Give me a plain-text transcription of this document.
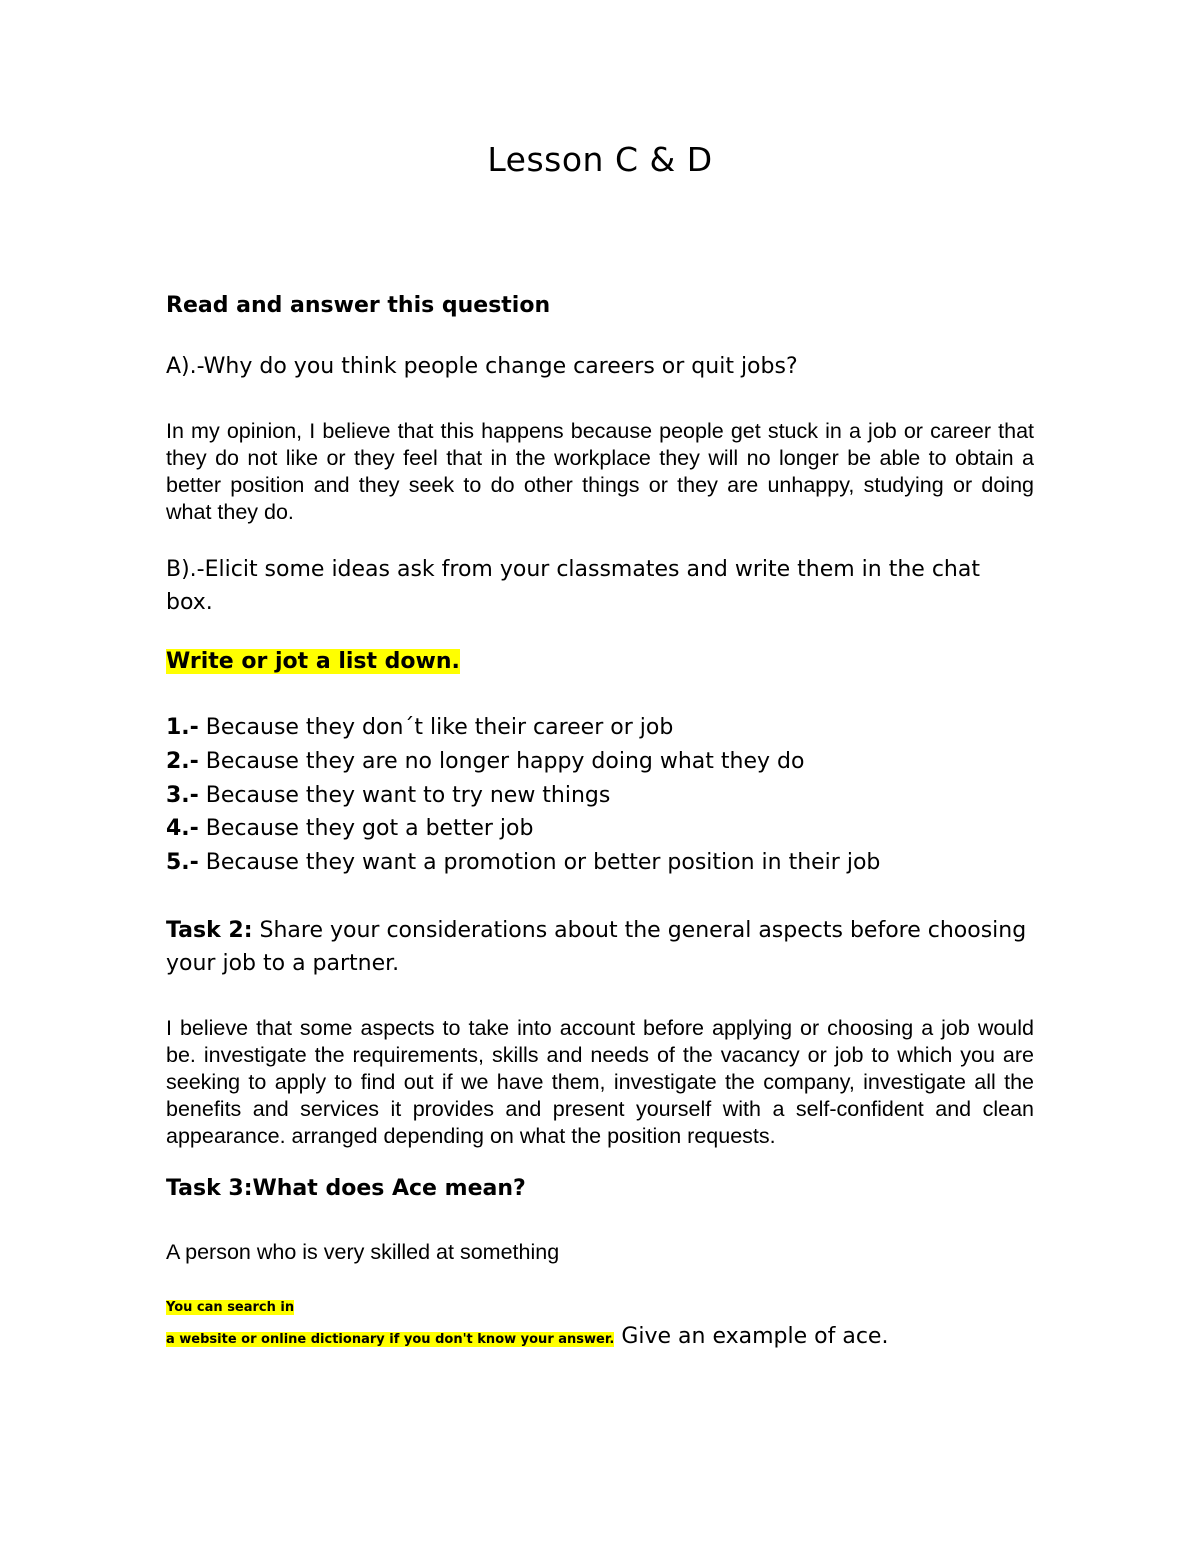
Lesson C & D
Read and answer this question
A).-Why do you think people change careers or quit jobs?
In my opinion, I believe that this happens because people get stuck in a job or career that they do not like or they feel that in the workplace they will no longer be able to obtain a better position and they seek to do other things or they are unhappy, studying or doing what they do.
B).-Elicit some ideas ask from your classmates and write them in the chat
box.
Write or jot a list down.
1.- Because they don´t like their career or job
2.- Because they are no longer happy doing what they do
3.- Because they want to try new things
4.- Because they got a better job
5.- Because they want a promotion or better position in their job
Task 2: Share your considerations about the general aspects before choosing
your job to a partner.
I believe that some aspects to take into account before applying or choosing a job would be. investigate the requirements, skills and needs of the vacancy or job to which you are seeking to apply to find out if we have them, investigate the company, investigate all the benefits and services it provides and present yourself with a self-confident and clean appearance. arranged depending on what the position requests.
Task 3:What does Ace mean?
A person who is very skilled at something
You can search in
a website or online dictionary if you don't know your answer. Give an example of ace.
